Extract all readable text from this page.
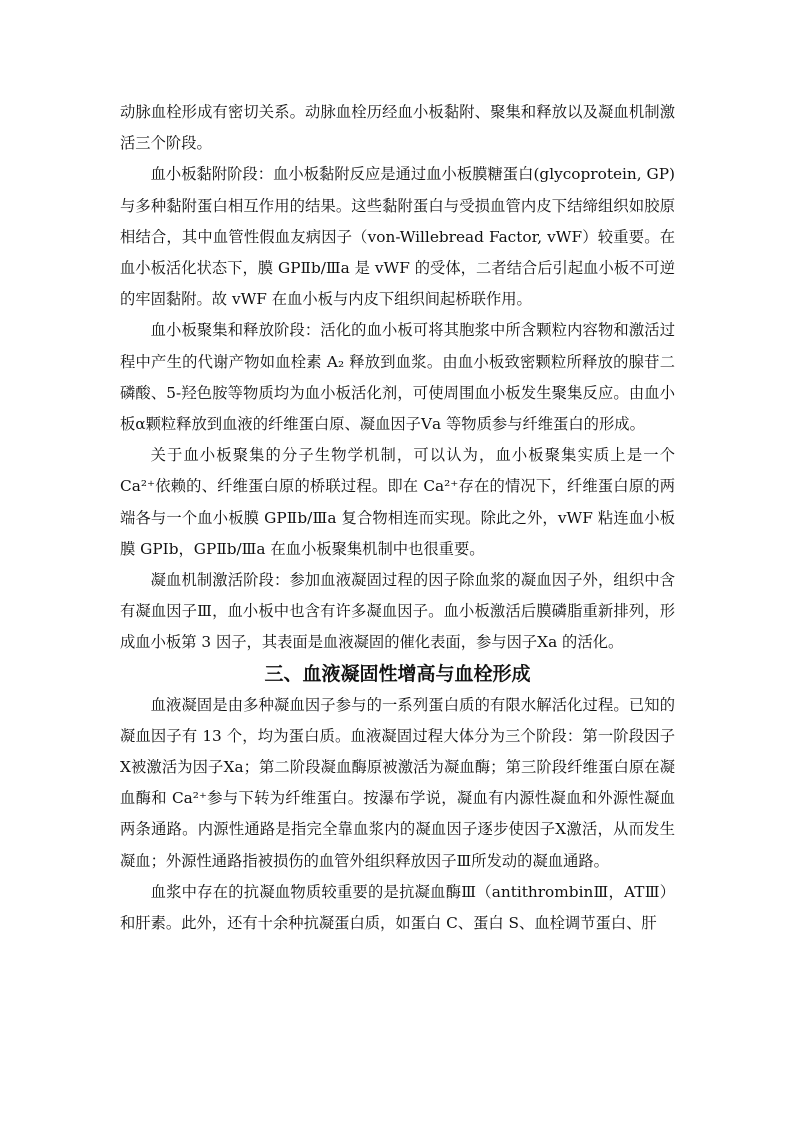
动脉血栓形成有密切关系。动脉血栓历经血小板黏附、聚集和释放以及凝血机制激活三个阶段。

血小板黏附阶段：血小板黏附反应是通过血小板膜糖蛋白(glycoprotein, GP)与多种黏附蛋白相互作用的结果。这些黏附蛋白与受损血管内皮下结缔组织如胶原相结合，其中血管性假血友病因子（von-Willebread Factor, vWF）较重要。在血小板活化状态下，膜 GPⅡb/Ⅲa 是 vWF 的受体，二者结合后引起血小板不可逆的牢固黏附。故 vWF 在血小板与内皮下组织间起桥联作用。

血小板聚集和释放阶段：活化的血小板可将其胞浆中所含颗粒内容物和激活过程中产生的代谢产物如血栓素 A₂ 释放到血浆。由血小板致密颗粒所释放的腺苷二磷酸、5-羟色胺等物质均为血小板活化剂，可使周围血小板发生聚集反应。由血小板α颗粒释放到血液的纤维蛋白原、凝血因子Ⅴa 等物质参与纤维蛋白的形成。

关于血小板聚集的分子生物学机制，可以认为，血小板聚集实质上是一个 Ca²⁺依赖的、纤维蛋白原的桥联过程。即在 Ca²⁺存在的情况下，纤维蛋白原的两端各与一个血小板膜 GPⅡb/Ⅲa 复合物相连而实现。除此之外，vWF 粘连血小板膜 GPⅠb，GPⅡb/Ⅲa 在血小板聚集机制中也很重要。

凝血机制激活阶段：参加血液凝固过程的因子除血浆的凝血因子外，组织中含有凝血因子Ⅲ，血小板中也含有许多凝血因子。血小板激活后膜磷脂重新排列，形成血小板第 3 因子，其表面是血液凝固的催化表面，参与因子Ⅹa 的活化。

三、血液凝固性增高与血栓形成

血液凝固是由多种凝血因子参与的一系列蛋白质的有限水解活化过程。已知的凝血因子有 13 个，均为蛋白质。血液凝固过程大体分为三个阶段：第一阶段因子Ⅹ被激活为因子Ⅹa；第二阶段凝血酶原被激活为凝血酶；第三阶段纤维蛋白原在凝血酶和 Ca²⁺参与下转为纤维蛋白。按瀑布学说，凝血有内源性凝血和外源性凝血两条通路。内源性通路是指完全靠血浆内的凝血因子逐步使因子Ⅹ激活，从而发生凝血；外源性通路指被损伤的血管外组织释放因子Ⅲ所发动的凝血通路。

血浆中存在的抗凝血物质较重要的是抗凝血酶Ⅲ（antithrombinⅢ，ATⅢ）和肝素。此外，还有十余种抗凝蛋白质，如蛋白 C、蛋白 S、血栓调节蛋白、肝
